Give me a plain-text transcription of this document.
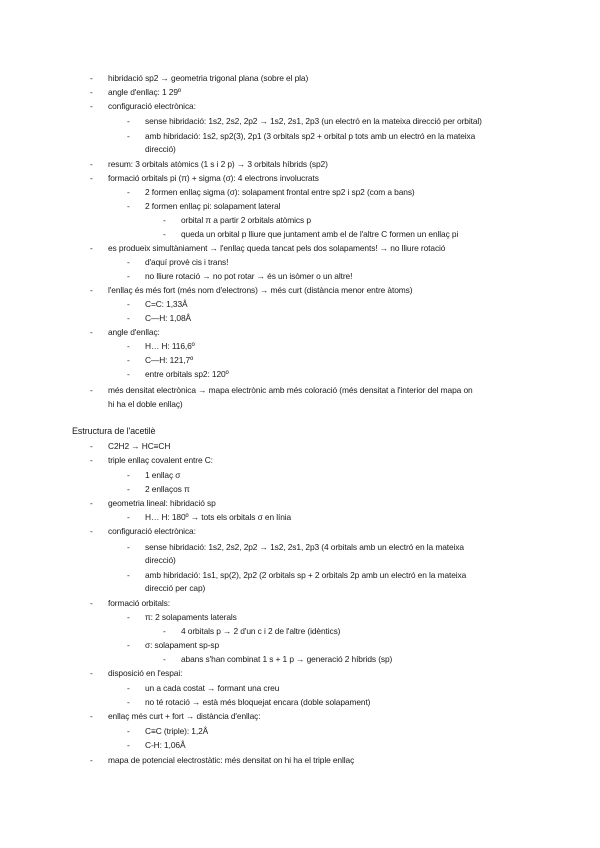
- hibridació sp2 → geometria trigonal plana (sobre el pla)
- angle d'enllaç: 1 29º
- configuració electrònica:
- sense hibridació: 1s2, 2s2, 2p2 → 1s2, 2s1, 2p3 (un electró en la mateixa direcció per orbital)
- amb hibridació: 1s2, sp2(3), 2p1 (3 orbitals sp2 + orbital p tots amb un electró en la mateixa
direcció)
- resum: 3 orbitals atòmics (1 s i 2 p) → 3 orbitals híbrids (sp2)
- formació orbitals pi (π) + sigma (σ): 4 electrons involucrats
- 2 formen enllaç sigma (σ): solapament frontal entre sp2 i sp2 (com a bans)
- 2 formen enllaç pi: solapament lateral
- orbital π a partir 2 orbitals atòmics p
- queda un orbital p lliure que juntament amb el de l'altre C formen un enllaç pi
- es produeix simultàniament → l'enllaç queda tancat pels dos solapaments! → no lliure rotació
- d'aquí provè cis i trans!
- no lliure rotació → no pot rotar → és un isòmer o un altre!
- l'enllaç és més fort (més nom d'electrons) → més curt (distància menor entre àtoms)
- C=C: 1,33Å
- C—H: 1,08Å
- angle d'enllaç:
- H… H: 116,6º
- C—H: 121,7º
- entre orbitals sp2: 120º
- més densitat electrònica → mapa electrònic amb més coloració (més densitat a l'interior del mapa on
hi ha el doble enllaç)
Estructura de l'acetilè
- C2H2 → HC≡CH
- triple enllaç covalent entre C:
- 1 enllaç σ
- 2 enllaços π
- geometria lineal: hibridació sp
- H… H: 180º → tots els orbitals σ en línia
- configuració electrònica:
- sense hibridació: 1s2, 2s2, 2p2 → 1s2, 2s1, 2p3 (4 orbitals amb un electró en la mateixa
direcció)
- amb hibridació: 1s1, sp(2), 2p2 (2 orbitals sp + 2 orbitals 2p amb un electró en la mateixa
direcció per cap)
- formació orbitals:
- π: 2 solapaments laterals
- 4 orbitals p → 2 d'un c i 2 de l'altre (idèntics)
- σ: solapament sp-sp
- abans s'han combinat 1 s + 1 p → generació 2 híbrids (sp)
- disposició en l'espai:
- un a cada costat → formant una creu
- no té rotació → està més bloquejat encara (doble solapament)
- enllaç més curt + fort → distància d'enllaç:
- C≡C (triple): 1,2Å
- C-H: 1,06Å
- mapa de potencial electrostàtic: més densitat on hi ha el triple enllaç
